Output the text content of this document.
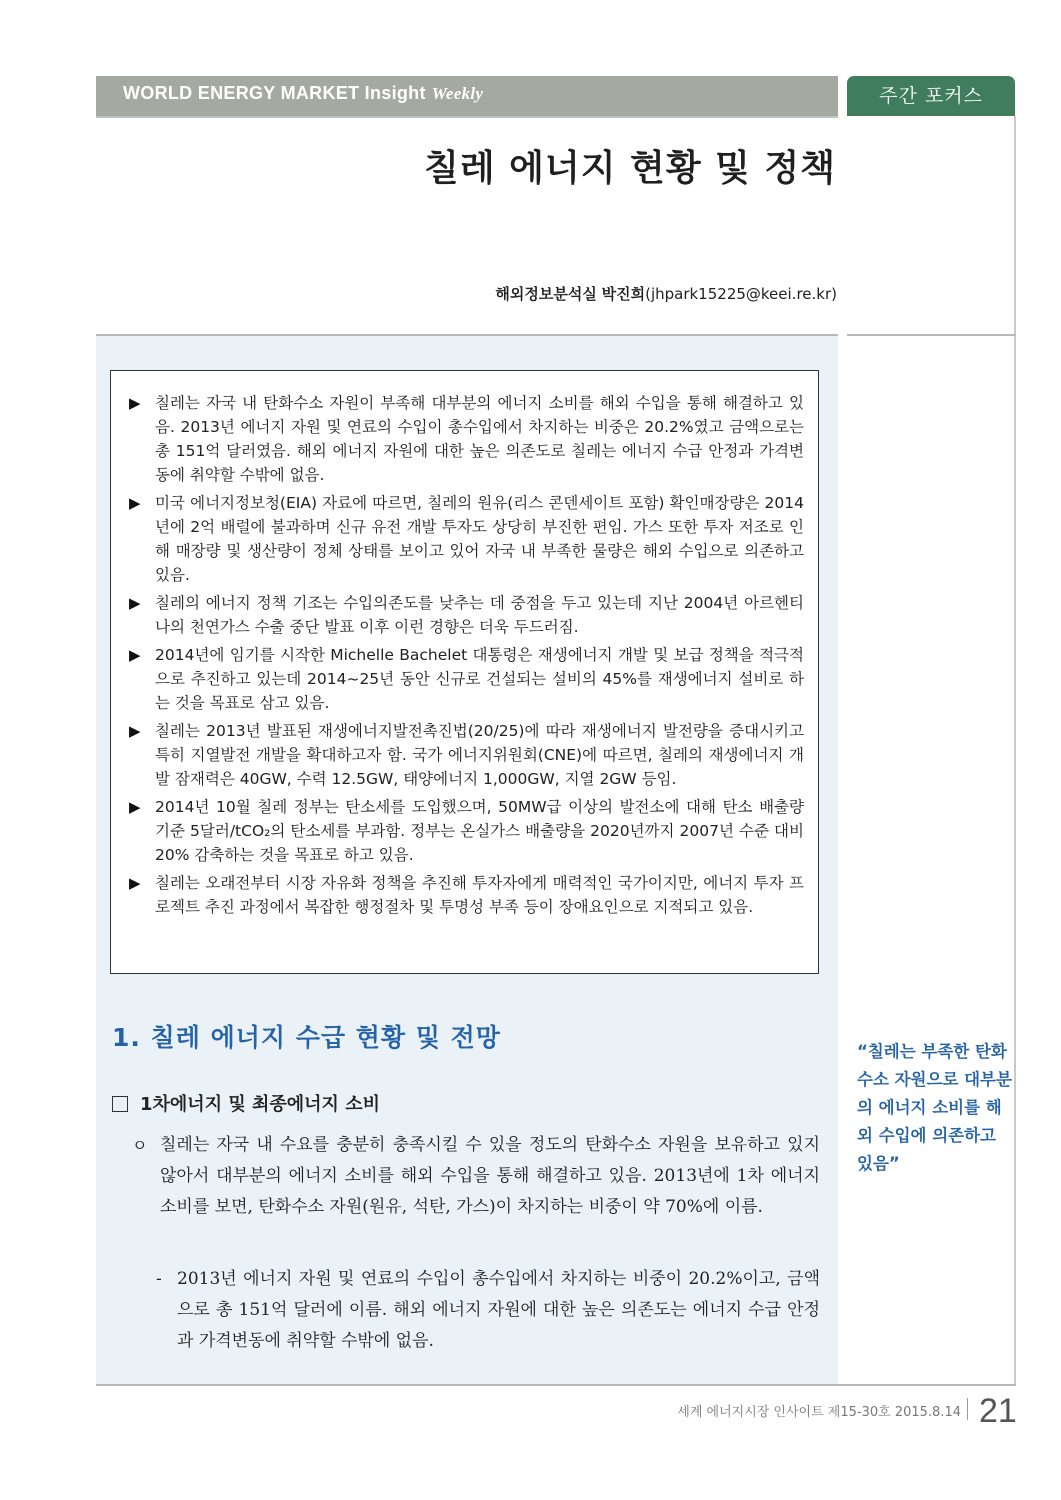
WORLD ENERGY MARKET Insight Weekly	주간 포커스
칠레 에너지 현황 및 정책
해외정보분석실 박진희(jhpark15225@keei.re.kr)
▶ 칠레는 자국 내 탄화수소 자원이 부족해 대부분의 에너지 소비를 해외 수입을 통해 해결하고 있음. 2013년 에너지 자원 및 연료의 수입이 총수입에서 차지하는 비중은 20.2%였고 금액으로는 총 151억 달러였음. 해외 에너지 자원에 대한 높은 의존도로 칠레는 에너지 수급 안정과 가격변동에 취약할 수밖에 없음.
▶ 미국 에너지정보청(EIA) 자료에 따르면, 칠레의 원유(리스 콘덴세이트 포함) 확인매장량은 2014년에 2억 배럴에 불과하며 신규 유전 개발 투자도 상당히 부진한 편임. 가스 또한 투자 저조로 인해 매장량 및 생산량이 정체 상태를 보이고 있어 자국 내 부족한 물량은 해외 수입으로 의존하고 있음.
▶ 칠레의 에너지 정책 기조는 수입의존도를 낮추는 데 중점을 두고 있는데 지난 2004년 아르헨티나의 천연가스 수출 중단 발표 이후 이런 경향은 더욱 두드러짐.
▶ 2014년에 임기를 시작한 Michelle Bachelet 대통령은 재생에너지 개발 및 보급 정책을 적극적으로 추진하고 있는데 2014~25년 동안 신규로 건설되는 설비의 45%를 재생에너지 설비로 하는 것을 목표로 삼고 있음.
▶ 칠레는 2013년 발표된 재생에너지발전촉진법(20/25)에 따라 재생에너지 발전량을 증대시키고 특히 지열발전 개발을 확대하고자 함. 국가 에너지위원회(CNE)에 따르면, 칠레의 재생에너지 개발 잠재력은 40GW, 수력 12.5GW, 태양에너지 1,000GW, 지열 2GW 등임.
▶ 2014년 10월 칠레 정부는 탄소세를 도입했으며, 50MW급 이상의 발전소에 대해 탄소 배출량 기준 5달러/tCO₂의 탄소세를 부과함. 정부는 온실가스 배출량을 2020년까지 2007년 수준 대비 20% 감축하는 것을 목표로 하고 있음.
▶ 칠레는 오래전부터 시장 자유화 정책을 추진해 투자자에게 매력적인 국가이지만, 에너지 투자 프로젝트 추진 과정에서 복잡한 행정절차 및 투명성 부족 등이 장애요인으로 지적되고 있음.
1. 칠레 에너지 수급 현황 및 전망
1차에너지 및 최종에너지 소비

ㅇ 칠레는 자국 내 수요를 충분히 충족시킬 수 있을 정도의 탄화수소 자원을 보유하고 있지 않아서 대부분의 에너지 소비를 해외 수입을 통해 해결하고 있음. 2013년에 1차 에너지 소비를 보면, 탄화수소 자원(원유, 석탄, 가스)이 차지하는 비중이 약 70%에 이름.

- 2013년 에너지 자원 및 연료의 수입이 총수입에서 차지하는 비중이 20.2%이고, 금액으로 총 151억 달러에 이름. 해외 에너지 자원에 대한 높은 의존도는 에너지 수급 안정과 가격변동에 취약할 수밖에 없음.

“칠레는 부족한 탄화수소 자원으로 대부분의 에너지 소비를 해외 수입에 의존하고 있음”
세계 에너지시장 인사이트 제15-30호 2015.8.14 21
